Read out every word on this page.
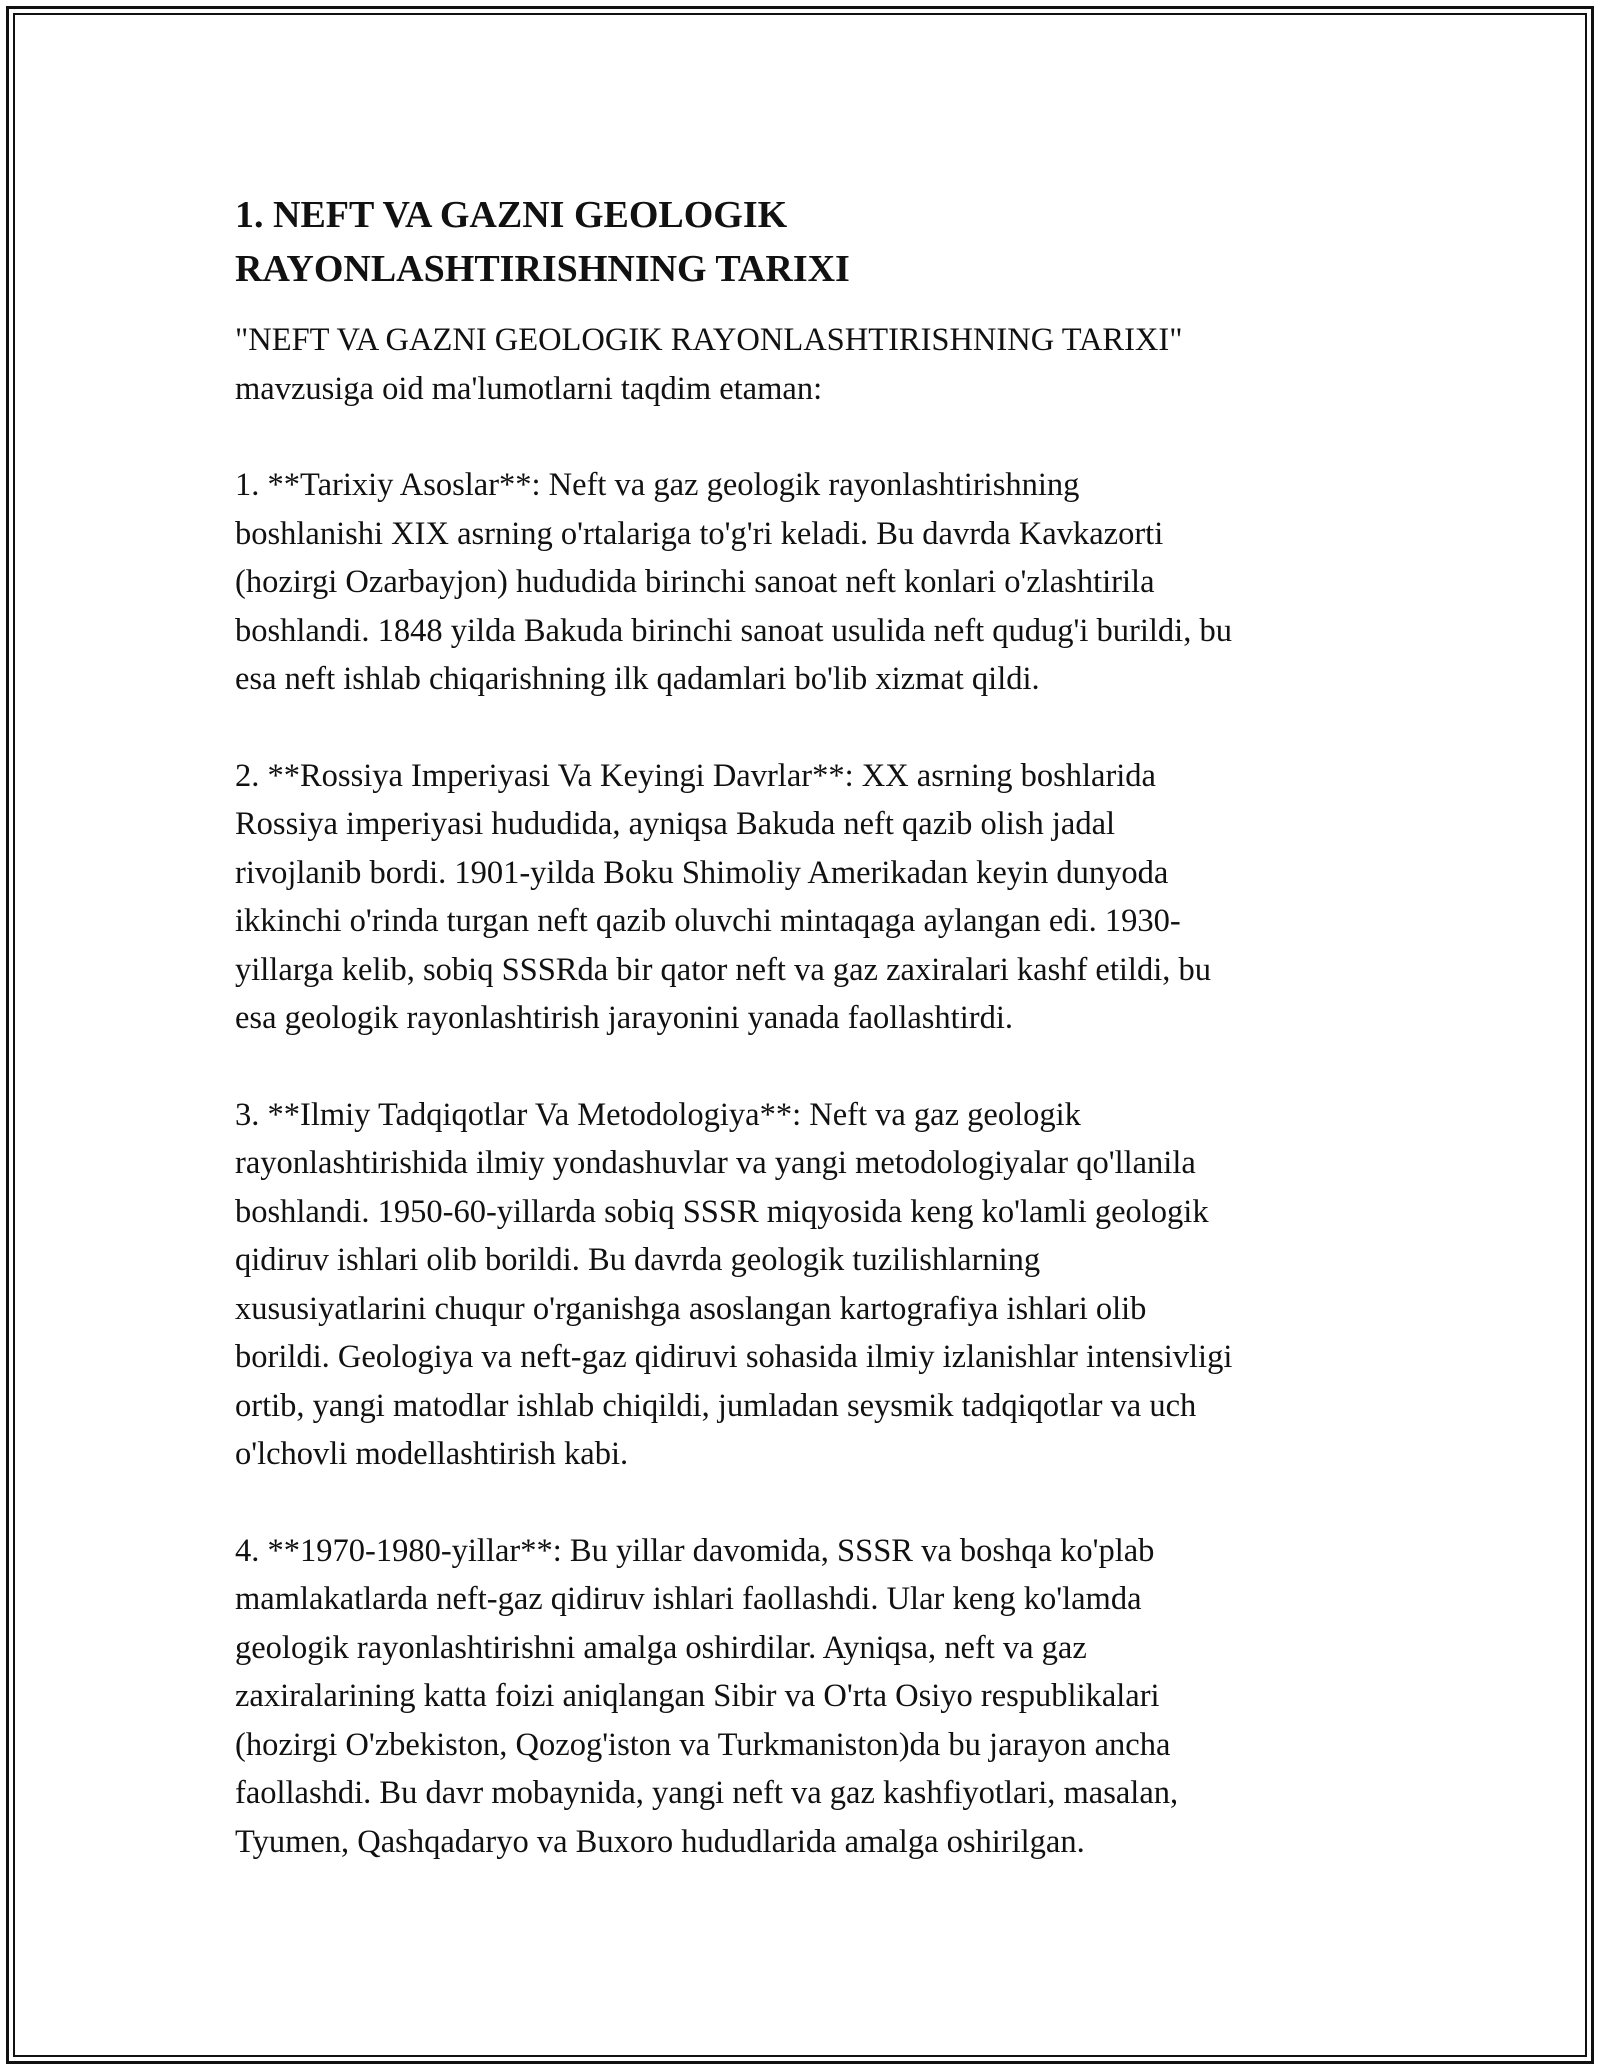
1. NEFT VA GAZNI GEOLOGIK
RAYONLASHTIRISHNING TARIXI
"NEFT VA GAZNI GEOLOGIK RAYONLASHTIRISHNING TARIXI"
mavzusiga oid ma'lumotlarni taqdim etaman:
1. **Tarixiy Asoslar**: Neft va gaz geologik rayonlashtirishning
boshlanishi XIX asrning o'rtalariga to'g'ri keladi. Bu davrda Kavkazorti
(hozirgi Ozarbayjon) hududida birinchi sanoat neft konlari o'zlashtirila
boshlandi. 1848 yilda Bakuda birinchi sanoat usulida neft qudug'i burildi, bu
esa neft ishlab chiqarishning ilk qadamlari bo'lib xizmat qildi.
2. **Rossiya Imperiyasi Va Keyingi Davrlar**: XX asrning boshlarida
Rossiya imperiyasi hududida, ayniqsa Bakuda neft qazib olish jadal
rivojlanib bordi. 1901-yilda Boku Shimoliy Amerikadan keyin dunyoda
ikkinchi o'rinda turgan neft qazib oluvchi mintaqaga aylangan edi. 1930-
yillarga kelib, sobiq SSSRda bir qator neft va gaz zaxiralari kashf etildi, bu
esa geologik rayonlashtirish jarayonini yanada faollashtirdi.
3. **Ilmiy Tadqiqotlar Va Metodologiya**: Neft va gaz geologik
rayonlashtirishida ilmiy yondashuvlar va yangi metodologiyalar qo'llanila
boshlandi. 1950-60-yillarda sobiq SSSR miqyosida keng ko'lamli geologik
qidiruv ishlari olib borildi. Bu davrda geologik tuzilishlarning
xususiyatlarini chuqur o'rganishga asoslangan kartografiya ishlari olib
borildi. Geologiya va neft-gaz qidiruvi sohasida ilmiy izlanishlar intensivligi
ortib, yangi matodlar ishlab chiqildi, jumladan seysmik tadqiqotlar va uch
o'lchovli modellashtirish kabi.
4. **1970-1980-yillar**: Bu yillar davomida, SSSR va boshqa ko'plab
mamlakatlarda neft-gaz qidiruv ishlari faollashdi. Ular keng ko'lamda
geologik rayonlashtirishni amalga oshirdilar. Ayniqsa, neft va gaz
zaxiralarining katta foizi aniqlangan Sibir va O'rta Osiyo respublikalari
(hozirgi O'zbekiston, Qozog'iston va Turkmaniston)da bu jarayon ancha
faollashdi. Bu davr mobaynida, yangi neft va gaz kashfiyotlari, masalan,
Tyumen, Qashqadaryo va Buxoro hududlarida amalga oshirilgan.
